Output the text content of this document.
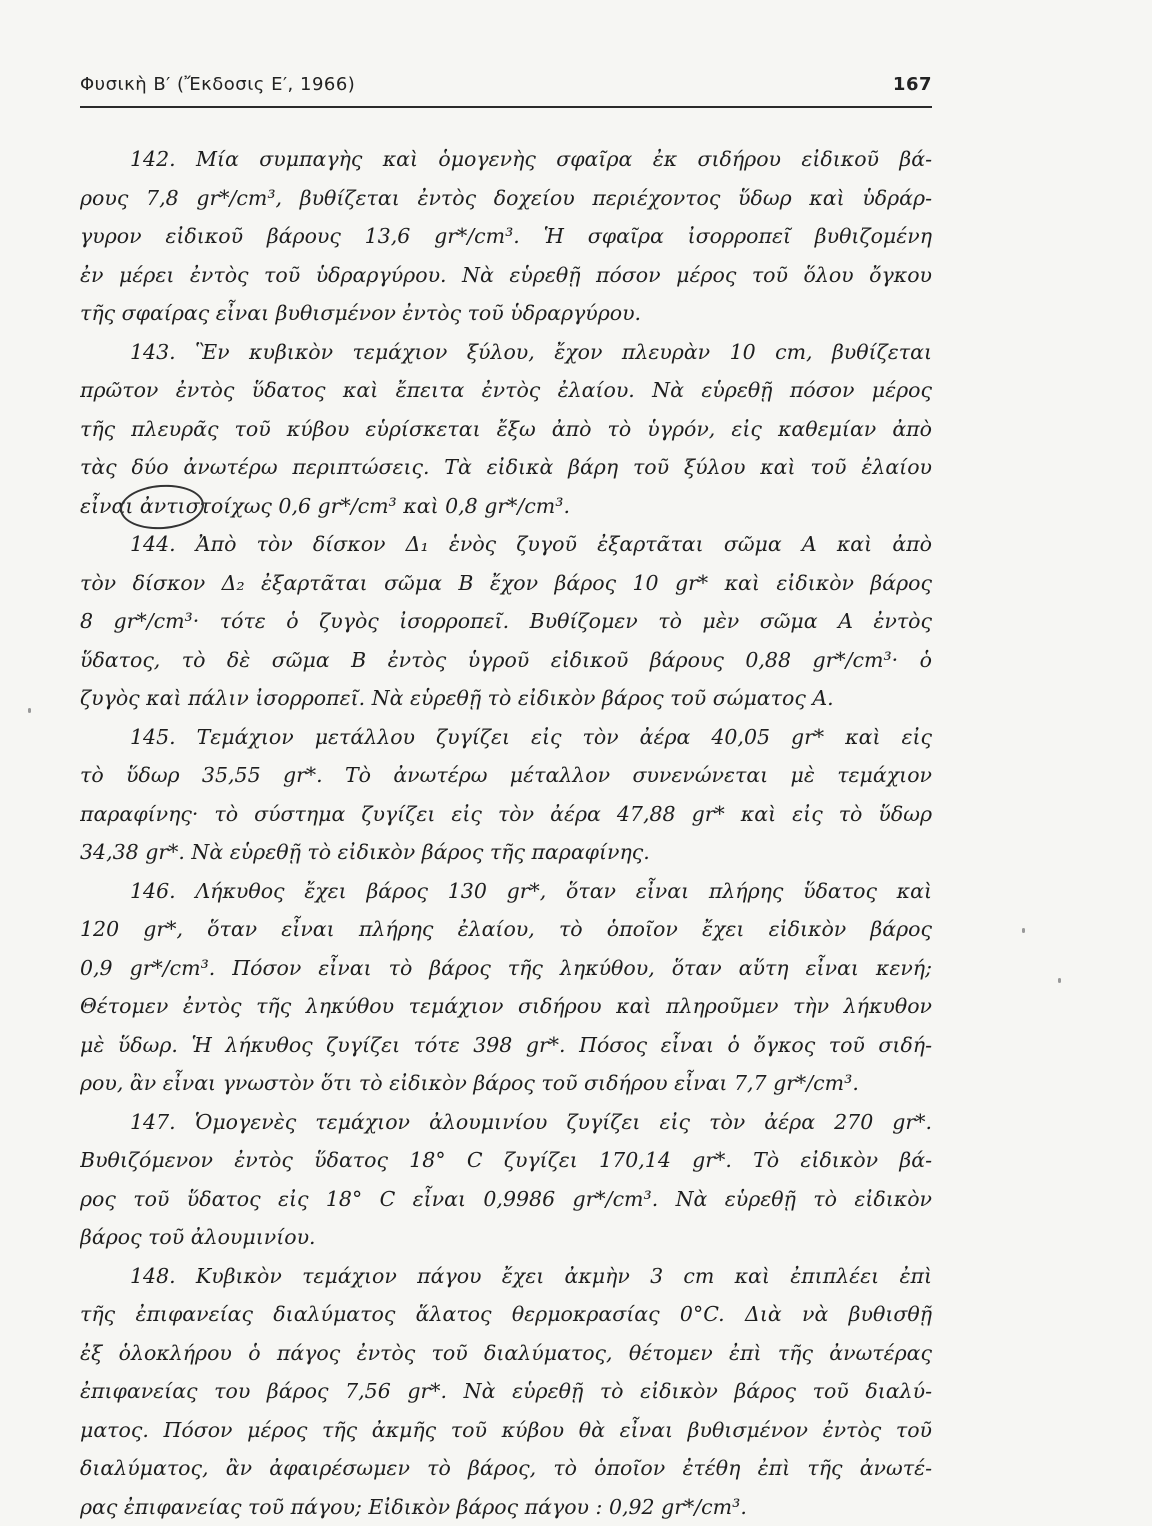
Φυσικὴ Β′ (Ἔκδοσις Ε′, 1966)	167
142. Μία συμπαγὴς καὶ ὁμογενὴς σφαῖρα ἐκ σιδήρου εἰδικοῦ βά-
ρους 7,8 gr*/cm³, βυθίζεται ἐντὸς δοχείου περιέχοντος ὕδωρ καὶ ὑδράρ-
γυρον εἰδικοῦ βάρους 13,6 gr*/cm³. Ἡ σφαῖρα ἰσορροπεῖ βυθιζομένη
ἐν μέρει ἐντὸς τοῦ ὑδραργύρου. Νὰ εὑρεθῇ πόσον μέρος τοῦ ὅλου ὄγκου
τῆς σφαίρας εἶναι βυθισμένον ἐντὸς τοῦ ὑδραργύρου.
143. Ἓν κυβικὸν τεμάχιον ξύλου, ἔχον πλευρὰν 10 cm, βυθίζεται
πρῶτον ἐντὸς ὕδατος καὶ ἔπειτα ἐντὸς ἐλαίου. Νὰ εὑρεθῇ πόσον μέρος
τῆς πλευρᾶς τοῦ κύβου εὑρίσκεται ἔξω ἀπὸ τὸ ὑγρόν, εἰς καθεμίαν ἀπὸ
τὰς δύο ἀνωτέρω περιπτώσεις. Τὰ εἰδικὰ βάρη τοῦ ξύλου καὶ τοῦ ἐλαίου
εἶναι ἀντιστοίχως 0,6 gr*/cm³ καὶ 0,8 gr*/cm³.
144. Ἀπὸ τὸν δίσκον Δ₁ ἑνὸς ζυγοῦ ἐξαρτᾶται σῶμα Α καὶ ἀπὸ
τὸν δίσκον Δ₂ ἐξαρτᾶται σῶμα Β ἔχον βάρος 10 gr* καὶ εἰδικὸν βάρος
8 gr*/cm³· τότε ὁ ζυγὸς ἰσορροπεῖ. Βυθίζομεν τὸ μὲν σῶμα Α ἐντὸς
ὕδατος, τὸ δὲ σῶμα Β ἐντὸς ὑγροῦ εἰδικοῦ βάρους 0,88 gr*/cm³· ὁ
ζυγὸς καὶ πάλιν ἰσορροπεῖ. Νὰ εὑρεθῇ τὸ εἰδικὸν βάρος τοῦ σώματος Α.
145. Τεμάχιον μετάλλου ζυγίζει εἰς τὸν ἀέρα 40,05 gr* καὶ εἰς
τὸ ὕδωρ 35,55 gr*. Τὸ ἀνωτέρω μέταλλον συνενώνεται μὲ τεμάχιον
παραφίνης· τὸ σύστημα ζυγίζει εἰς τὸν ἀέρα 47,88 gr* καὶ εἰς τὸ ὕδωρ
34,38 gr*. Νὰ εὑρεθῇ τὸ εἰδικὸν βάρος τῆς παραφίνης.
146. Λήκυθος ἔχει βάρος 130 gr*, ὅταν εἶναι πλήρης ὕδατος καὶ
120 gr*, ὅταν εἶναι πλήρης ἐλαίου, τὸ ὁποῖον ἔχει εἰδικὸν βάρος
0,9 gr*/cm³. Πόσον εἶναι τὸ βάρος τῆς ληκύθου, ὅταν αὕτη εἶναι κενή;
Θέτομεν ἐντὸς τῆς ληκύθου τεμάχιον σιδήρου καὶ πληροῦμεν τὴν λήκυθον
μὲ ὕδωρ. Ἡ λήκυθος ζυγίζει τότε 398 gr*. Πόσος εἶναι ὁ ὄγκος τοῦ σιδή-
ρου, ἂν εἶναι γνωστὸν ὅτι τὸ εἰδικὸν βάρος τοῦ σιδήρου εἶναι 7,7 gr*/cm³.
147. Ὁμογενὲς τεμάχιον ἀλουμινίου ζυγίζει εἰς τὸν ἀέρα 270 gr*.
Βυθιζόμενον ἐντὸς ὕδατος 18° C ζυγίζει 170,14 gr*. Τὸ εἰδικὸν βά-
ρος τοῦ ὕδατος εἰς 18° C εἶναι 0,9986 gr*/cm³. Νὰ εὑρεθῇ τὸ εἰδικὸν
βάρος τοῦ ἀλουμινίου.
148. Κυβικὸν τεμάχιον πάγου ἔχει ἀκμὴν 3 cm καὶ ἐπιπλέει ἐπὶ
τῆς ἐπιφανείας διαλύματος ἅλατος θερμοκρασίας 0°C. Διὰ νὰ βυθισθῇ
ἐξ ὁλοκλήρου ὁ πάγος ἐντὸς τοῦ διαλύματος, θέτομεν ἐπὶ τῆς ἀνωτέρας
ἐπιφανείας του βάρος 7,56 gr*. Νὰ εὑρεθῇ τὸ εἰδικὸν βάρος τοῦ διαλύ-
ματος. Πόσον μέρος τῆς ἀκμῆς τοῦ κύβου θὰ εἶναι βυθισμένον ἐντὸς τοῦ
διαλύματος, ἂν ἀφαιρέσωμεν τὸ βάρος, τὸ ὁποῖον ἐτέθη ἐπὶ τῆς ἀνωτέ-
ρας ἐπιφανείας τοῦ πάγου; Εἰδικὸν βάρος πάγου : 0,92 gr*/cm³.
